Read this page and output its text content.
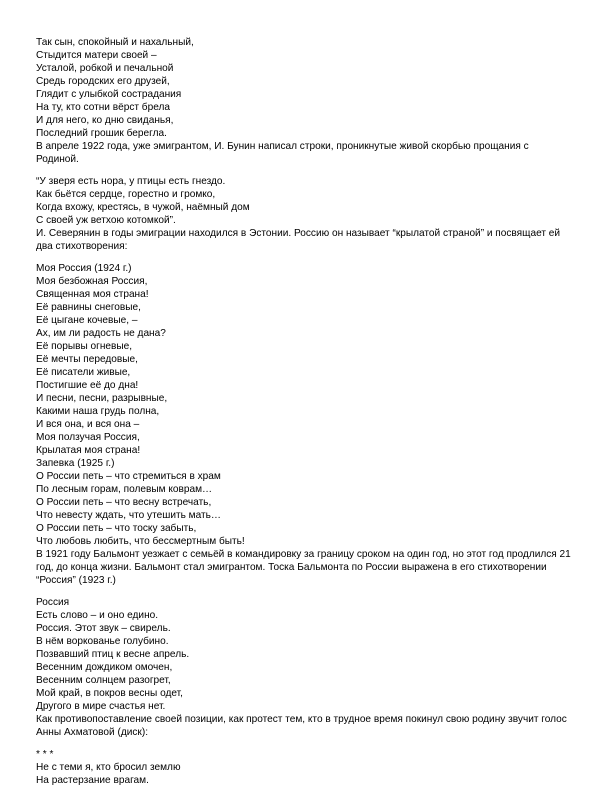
Так сын, спокойный и нахальный,
Стыдится матери своей –
Усталой, робкой и печальной
Средь городских его друзей,
Глядит с улыбкой сострадания
На ту, кто сотни вёрст брела
И для него, ко дню свиданья,
Последний грошик берегла.
В апреле 1922 года, уже эмигрантом, И. Бунин написал строки, проникнутые живой скорбью прощания с Родиной.
“У зверя есть нора, у птицы есть гнездо.
Как бьётся сердце, горестно и громко,
Когда вхожу, крестясь, в чужой, наёмный дом
С своей уж ветхою котомкой”.
И. Северянин в годы эмиграции находился в Эстонии. Россию он называет “крылатой страной” и посвящает ей два стихотворения:
Моя Россия (1924 г.)
Моя безбожная Россия,
Священная моя страна!
Её равнины снеговые,
Её цыгане кочевые, –
Ах, им ли радость не дана?
Её порывы огневые,
Её мечты передовые,
Её писатели живые,
Постигшие её до дна!
И песни, песни, разрывные,
Какими наша грудь полна,
И вся она, и вся она –
Моя ползучая Россия,
Крылатая моя страна!
Запевка (1925 г.)
О России петь – что стремиться в храм
По лесным горам, полевым коврам…
О России петь – что весну встречать,
Что невесту ждать, что утешить мать…
О России петь – что тоску забыть,
Что любовь любить, что бессмертным быть!
В 1921 году Бальмонт уезжает с семьёй в командировку за границу сроком на один год, но этот год продлился 21 год, до конца жизни. Бальмонт стал эмигрантом. Тоска Бальмонта по России выражена в его стихотворении “Россия” (1923 г.)
Россия
Есть слово – и оно едино.
Россия. Этот звук – свирель.
В нём воркованье голубино.
Позвавший птиц к весне апрель.
Весенним дождиком омочен,
Весенним солнцем разогрет,
Мой край, в покров весны одет,
Другого в мире счастья нет.
Как противопоставление своей позиции, как протест тем, кто в трудное время покинул свою родину звучит голос Анны Ахматовой (диск):
* * *
Не с теми я, кто бросил землю
На растерзание врагам.
